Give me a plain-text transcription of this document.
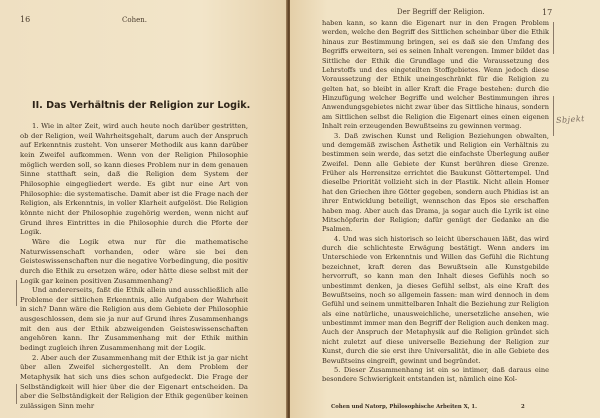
16	Cohen.
II. Das Verhältnis der Religion zur Logik.

1. Wie in alter Zeit, wird auch heute noch darüber gestritten, ob der Religion, weil Wahrheitsgehalt, darum auch der Anspruch auf Erkenntnis zusteht. Von unserer Methodik aus kann darüber kein Zweifel aufkommen. Wenn von der Religion Philosophie möglich werden soll, so kann dieses Problem nur in dem genauen Sinne statthaft sein, daß die Religion dem System der Philosophie eingegliedert werde. Es gibt nur eine Art von Philosophie: die systematische. Damit aber ist die Frage nach der Religion, als Erkenntnis, in voller Klarheit aufgelöst. Die Religion könnte nicht der Philosophie zugehörig werden, wenn nicht auf Grund ihres Eintrittes in die Philosophie durch die Pforte der Logik.

Wäre die Logik etwa nur für die mathematische Naturwissenschaft vorhanden, oder wäre sie bei den Geisteswissenschaften nur die negative Vorbedingung, die positiv durch die Ethik zu ersetzen wäre, oder hätte diese selbst mit der Logik gar keinen positiven Zusammenhang?

Und andererseits, faßt die Ethik allein und ausschließlich alle Probleme der sittlichen Erkenntnis, alle Aufgaben der Wahrheit in sich? Dann wäre die Religion aus dem Gebiete der Philosophie ausgeschlossen, dem sie ja nur auf Grund ihres Zusammenhangs mit den aus der Ethik abzweigenden Geisteswissenschaften angehören kann. Ihr Zusammenhang mit der Ethik mithin bedingt zugleich ihren Zusammenhang mit der Logik.

2. Aber auch der Zusammenhang mit der Ethik ist ja gar nicht über allen Zweifel sichergestellt. An dem Problem der Metaphysik hat sich uns dies schon aufgedeckt. Die Frage der Selbständigkeit will hier über die der Eigenart entscheiden. Da aber die Selbständigkeit der Religion der Ethik gegenüber keinen zulässigen Sinn mehr

Der Begriff der Religion.	17

haben kann, so kann die Eigenart nur in den Fragen Problem werden, welche den Begriff des Sittlichen scheinbar über die Ethik hinaus zur Bestimmung bringen, sei es daß sie den Umfang des Begriffs erweitern, sei es seinen Inhalt verengen. Immer bildet das Sittliche der Ethik die Grundlage und die Voraussetzung des Lehrstoffs und des eingeteilten Stoffgebietes. Wenn jedoch diese Voraussetzung der Ethik uneingeschränkt für die Religion zu gelten hat, so bleibt in aller Kraft die Frage bestehen: durch die Hinzufügung welcher Begriffe und welcher Bestimmungen ihres Anwendungsgebietes nicht zwar über das Sittliche hinaus, sondern am Sittlichen selbst die Religion die Eigenart eines einen eigenen Inhalt rein erzeugenden Bewußtseins zu gewinnen vermag.

3. Daß zwischen Kunst und Religion Beziehungen obwalten, und demgemäß zwischen Ästhetik und Religion ein Verhältnis zu bestimmen sein werde, das setzt die einfachste Überlegung außer Zweifel. Denn alle Gebiete der Kunst berühren diese Grenze. Früher als Herrensitze errichtet die Baukunst Göttertempel. Und dieselbe Priorität vollzieht sich in der Plastik. Nicht allein Homer hat den Griechen ihre Götter gegeben, sondern auch Phidias ist an ihrer Entwicklung beteiligt, wennschon das Epos sie erschaffen haben mag. Aber auch das Drama, ja sogar auch die Lyrik ist eine Mitschöpferin der Religion; dafür genügt der Gedanke an die Psalmen.

4. Und was sich historisch so leicht überschauen läßt, das wird durch die schlichteste Erwägung bestätigt. Wenn anders im Unterschiede von Erkenntnis und Willen das Gefühl die Richtung bezeichnet, kraft deren das Bewußtsein alle Kunstgebilde hervorruft, so kann man den Inhalt dieses Gefühls noch so unbestimmt denken, ja dieses Gefühl selbst, als eine Kraft des Bewußtseins, noch so allgemein fassen: man wird dennoch in dem Gefühl und seinem unmittelbaren Inhalt die Beziehung zur Religion als eine natürliche, unausweichliche, unersetzliche ansehen, wie unbestimmt immer man den Begriff der Religion auch denken mag. Auch der Anspruch der Metaphysik auf die Religion gründet sich nicht zuletzt auf diese universelle Beziehung der Religion zur Kunst, durch die sie erst ihre Universalität, die in alle Gebiete des Bewußtseins eingreift, gewinnt und begründet.

5. Dieser Zusammenhang ist ein so intimer, daß daraus eine besondere Schwierigkeit entstanden ist, nämlich eine Kol-

Sbjekt
Cohen und Natorp, Philosophische Arbeiten X, 1.	2
